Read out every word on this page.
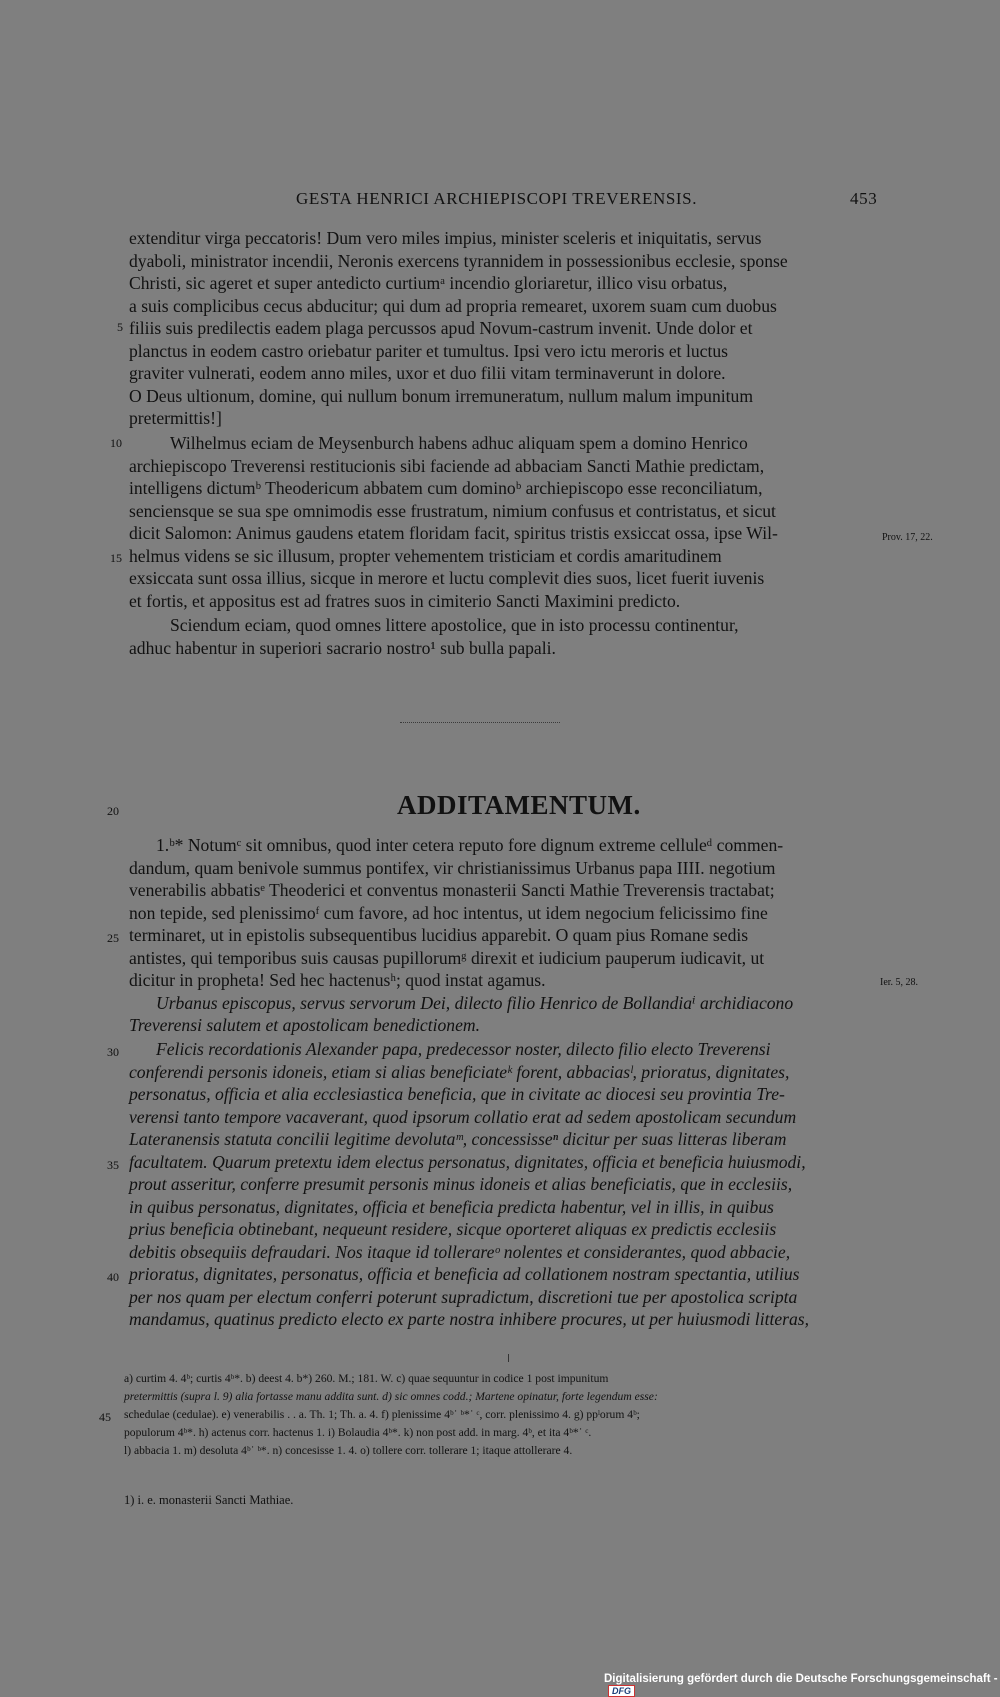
GESTA HENRICI ARCHIEPISCOPI TREVERENSIS.	453
extenditur virga peccatoris! Dum vero miles impius, minister sceleris et iniquitatis, servus
dyaboli, ministrator incendii, Neronis exercens tyrannidem in possessionibus ecclesie, sponse
Christi, sic ageret et super antedicto curtiumᵃ incendio gloriaretur, illico visu orbatus,
a suis complicibus cecus abducitur; qui dum ad propria remearet, uxorem suam cum duobus
filiis suis predilectis eadem plaga percussos apud Novum-castrum invenit. Unde dolor et
planctus in eodem castro oriebatur pariter et tumultus. Ipsi vero ictu meroris et luctus
graviter vulnerati, eodem anno miles, uxor et duo filii vitam terminaverunt in dolore.
O Deus ultionum, domine, qui nullum bonum irremuneratum, nullum malum impunitum
pretermittis!]
Wilhelmus eciam de Meysenburch habens adhuc aliquam spem a domino Henrico
archiepiscopo Treverensi restitucionis sibi faciende ad abbaciam Sancti Mathie predictam,
intelligens dictumᵇ Theodericum abbatem cum dominoᵇ archiepiscopo esse reconciliatum,
senciensque se sua spe omnimodis esse frustratum, nimium confusus et contristatus, et sicut
dicit Salomon: Animus gaudens etatem floridam facit, spiritus tristis exsiccat ossa, ipse Wil-
helmus videns se sic illusum, propter vehementem tristiciam et cordis amaritudinem
exsiccata sunt ossa illius, sicque in merore et luctu complevit dies suos, licet fuerit iuvenis
et fortis, et appositus est ad fratres suos in cimiterio Sancti Maximini predicto.
Sciendum eciam, quod omnes littere apostolice, que in isto processu continentur,
adhuc habentur in superiori sacrario nostro¹ sub bulla papali.
5
10
15
Prov. 17, 22.
Ier. 5, 28.
20	ADDITAMENTUM.
1.ᵇ* Notumᶜ sit omnibus, quod inter cetera reputo fore dignum extreme celluleᵈ commen-
dandum, quam benivole summus pontifex, vir christianissimus Urbanus papa IIII. negotium
venerabilis abbatisᵉ Theoderici et conventus monasterii Sancti Mathie Treverensis tractabat;
non tepide, sed plenissimoᶠ cum favore, ad hoc intentus, ut idem negocium felicissimo fine
terminaret, ut in epistolis subsequentibus lucidius apparebit. O quam pius Romane sedis
antistes, qui temporibus suis causas pupillorumᵍ direxit et iudicium pauperum iudicavit, ut
dicitur in propheta! Sed hec hactenusʰ; quod instat agamus.
Urbanus episcopus, servus servorum Dei, dilecto filio Henrico de Bollandiaⁱ archidiacono
Treverensi salutem et apostolicam benedictionem.
Felicis recordationis Alexander papa, predecessor noster, dilecto filio electo Treverensi
conferendi personis idoneis, etiam si alias beneficiateᵏ forent, abbaciasˡ, prioratus, dignitates,
personatus, officia et alia ecclesiastica beneficia, que in civitate ac diocesi seu provintia Tre-
verensi tanto tempore vacaverant, quod ipsorum collatio erat ad sedem apostolicam secundum
Lateranensis statuta concilii legitime devolutaᵐ, concessisseⁿ dicitur per suas litteras liberam
facultatem. Quarum pretextu idem electus personatus, dignitates, officia et beneficia huiusmodi,
prout asseritur, conferre presumit personis minus idoneis et alias beneficiatis, que in ecclesiis,
in quibus personatus, dignitates, officia et beneficia predicta habentur, vel in illis, in quibus
prius beneficia obtinebant, nequeunt residere, sicque oporteret aliquas ex predictis ecclesiis
debitis obsequiis defraudari. Nos itaque id tollerareᵒ nolentes et considerantes, quod abbacie,
prioratus, dignitates, personatus, officia et beneficia ad collationem nostram spectantia, utilius
per nos quam per electum conferri poterunt supradictum, discretioni tue per apostolica scripta
mandamus, quatinus predicto electo ex parte nostra inhibere procures, ut per huiusmodi litteras,
25
30
35
40
a) curtim 4. 4ᵇ; curtis 4ᵇ*. b) deest 4. b*) 260. M.; 181. W. c) quae sequuntur in codice 1 post impunitum
pretermittis (supra l. 9) alia fortasse manu addita sunt. d) sic omnes codd.; Martene opinatur, forte legendum esse:
schedulae (cedulae). e) venerabilis . . a. Th. 1; Th. a. 4. f) plenissime 4ᵇ˙ ᵇ*˙ ᶜ, corr. plenissimo 4. g) ppˡorum 4ᵇ;
populorum 4ᵇ*. h) actenus corr. hactenus 1. i) Bolaudia 4ᵇ*. k) non post add. in marg. 4ᵇ, et ita 4ᵇ*˙ ᶜ.
l) abbacia 1. m) desoluta 4ᵇ˙ ᵇ*. n) concesisse 1. 4. o) tollere corr. tollerare 1; itaque attollerare 4.
45
1) i. e. monasterii Sancti Mathiae.
Digitalisierung gefördert durch die Deutsche Forschungsgemeinschaft - DFG
